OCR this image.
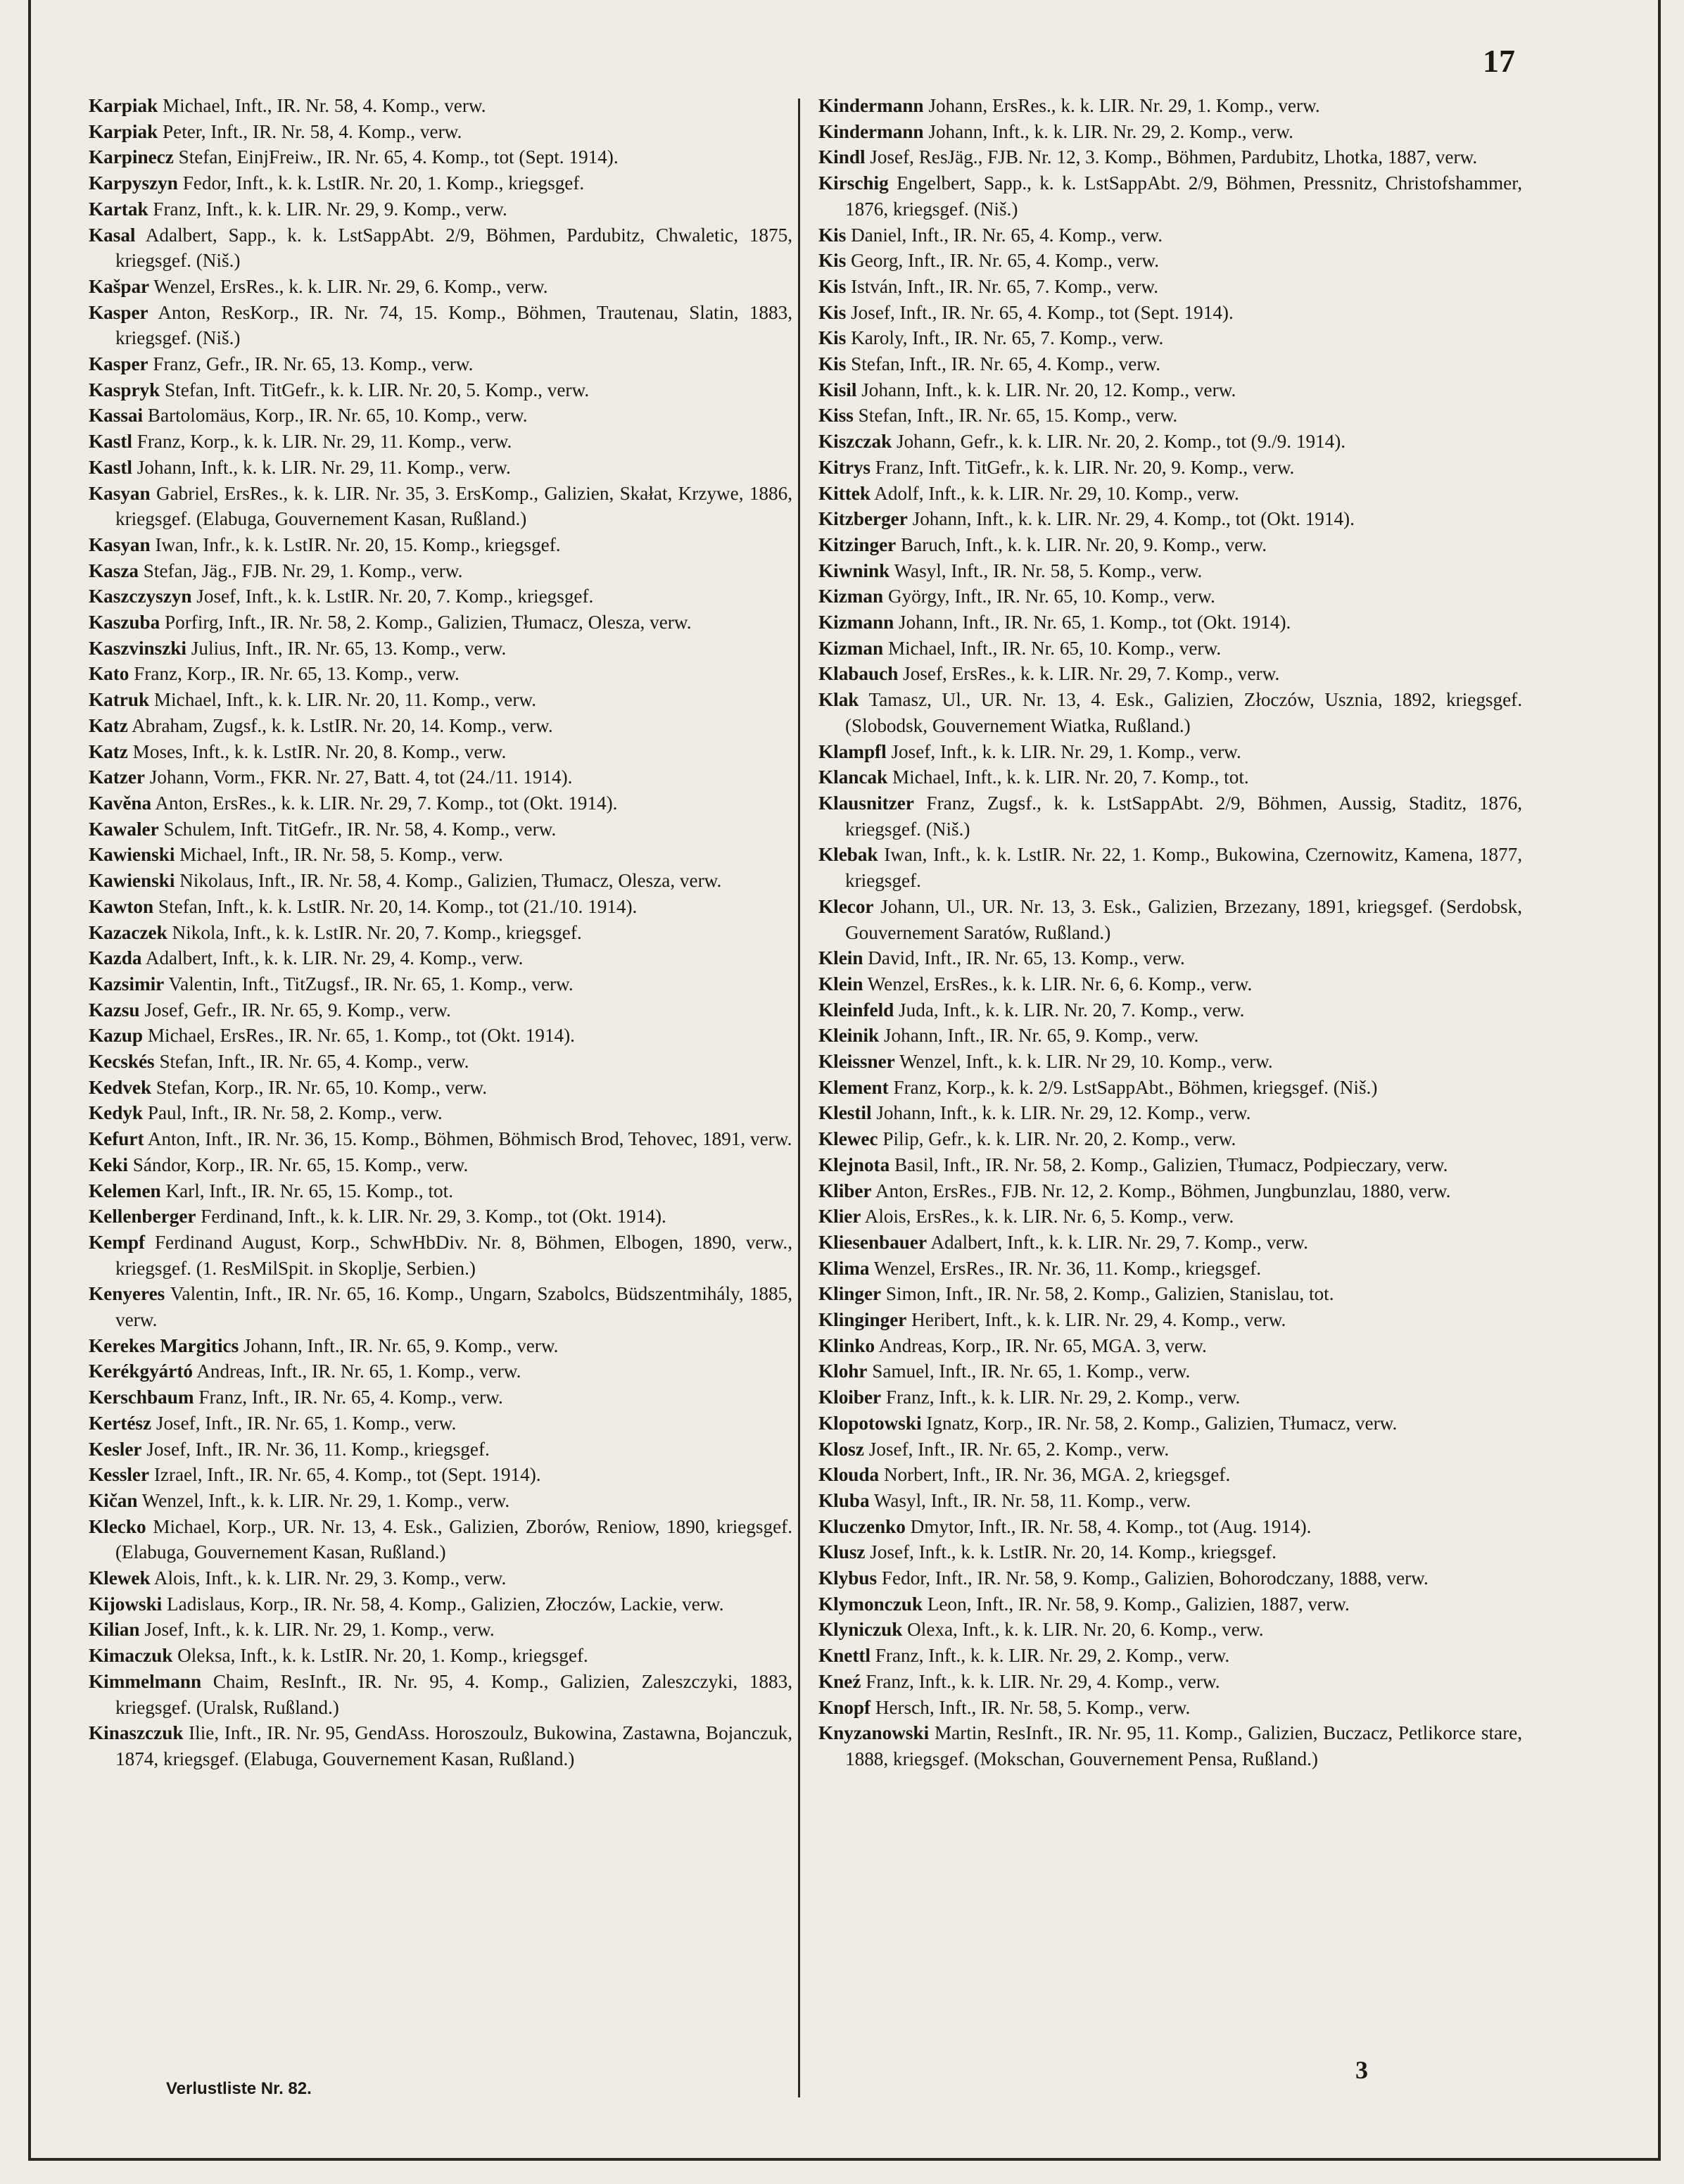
17

Karpiak Michael, Inft., IR. Nr. 58, 4. Komp., verw.

Karpiak Peter, Inft., IR. Nr. 58, 4. Komp., verw.

Karpinecz Stefan, EinjFreiw., IR. Nr. 65, 4. Komp., tot (Sept. 1914).

Karpyszyn Fedor, Inft., k. k. LstIR. Nr. 20, 1. Komp., kriegsgef.

Kartak Franz, Inft., k. k. LIR. Nr. 29, 9. Komp., verw.

Kasal Adalbert, Sapp., k. k. LstSappAbt. 2/9, Böhmen, Pardubitz, Chwaletic, 1875, kriegsgef. (Niš.)

Kašpar Wenzel, ErsRes., k. k. LIR. Nr. 29, 6. Komp., verw.

Kasper Anton, ResKorp., IR. Nr. 74, 15. Komp., Böhmen, Trautenau, Slatin, 1883, kriegsgef. (Niš.)

Kasper Franz, Gefr., IR. Nr. 65, 13. Komp., verw.

Kaspryk Stefan, Inft. TitGefr., k. k. LIR. Nr. 20, 5. Komp., verw.

Kassai Bartolomäus, Korp., IR. Nr. 65, 10. Komp., verw.

Kastl Franz, Korp., k. k. LIR. Nr. 29, 11. Komp., verw.

Kastl Johann, Inft., k. k. LIR. Nr. 29, 11. Komp., verw.

Kasyan Gabriel, ErsRes., k. k. LIR. Nr. 35, 3. ErsKomp., Galizien, Skałat, Krzywe, 1886, kriegsgef. (Elabuga, Gouvernement Kasan, Rußland.)

Kasyan Iwan, Infr., k. k. LstIR. Nr. 20, 15. Komp., kriegsgef.

Kasza Stefan, Jäg., FJB. Nr. 29, 1. Komp., verw.

Kaszczyszyn Josef, Inft., k. k. LstIR. Nr. 20, 7. Komp., kriegsgef.

Kaszuba Porfirg, Inft., IR. Nr. 58, 2. Komp., Galizien, Tłumacz, Olesza, verw.

Kaszvinszki Julius, Inft., IR. Nr. 65, 13. Komp., verw.

Kato Franz, Korp., IR. Nr. 65, 13. Komp., verw.

Katruk Michael, Inft., k. k. LIR. Nr. 20, 11. Komp., verw.

Katz Abraham, Zugsf., k. k. LstIR. Nr. 20, 14. Komp., verw.

Katz Moses, Inft., k. k. LstIR. Nr. 20, 8. Komp., verw.

Katzer Johann, Vorm., FKR. Nr. 27, Batt. 4, tot (24./11. 1914).

Kavěna Anton, ErsRes., k. k. LIR. Nr. 29, 7. Komp., tot (Okt. 1914).

Kawaler Schulem, Inft. TitGefr., IR. Nr. 58, 4. Komp., verw.

Kawienski Michael, Inft., IR. Nr. 58, 5. Komp., verw.

Kawienski Nikolaus, Inft., IR. Nr. 58, 4. Komp., Galizien, Tłumacz, Olesza, verw.

Kawton Stefan, Inft., k. k. LstIR. Nr. 20, 14. Komp., tot (21./10. 1914).

Kazaczek Nikola, Inft., k. k. LstIR. Nr. 20, 7. Komp., kriegsgef.

Kazda Adalbert, Inft., k. k. LIR. Nr. 29, 4. Komp., verw.

Kazsimir Valentin, Inft., TitZugsf., IR. Nr. 65, 1. Komp., verw.

Kazsu Josef, Gefr., IR. Nr. 65, 9. Komp., verw.

Kazup Michael, ErsRes., IR. Nr. 65, 1. Komp., tot (Okt. 1914).

Kecskés Stefan, Inft., IR. Nr. 65, 4. Komp., verw.

Kedvek Stefan, Korp., IR. Nr. 65, 10. Komp., verw.

Kedyk Paul, Inft., IR. Nr. 58, 2. Komp., verw.

Kefurt Anton, Inft., IR. Nr. 36, 15. Komp., Böhmen, Böhmisch Brod, Tehovec, 1891, verw.

Keki Sándor, Korp., IR. Nr. 65, 15. Komp., verw.

Kelemen Karl, Inft., IR. Nr. 65, 15. Komp., tot.

Kellenberger Ferdinand, Inft., k. k. LIR. Nr. 29, 3. Komp., tot (Okt. 1914).

Kempf Ferdinand August, Korp., SchwHbDiv. Nr. 8, Böhmen, Elbogen, 1890, verw., kriegsgef. (1. ResMilSpit. in Skoplje, Serbien.)

Kenyeres Valentin, Inft., IR. Nr. 65, 16. Komp., Ungarn, Szabolcs, Büdszentmihály, 1885, verw.

Kerekes Margitics Johann, Inft., IR. Nr. 65, 9. Komp., verw.

Kerékgyártó Andreas, Inft., IR. Nr. 65, 1. Komp., verw.

Kerschbaum Franz, Inft., IR. Nr. 65, 4. Komp., verw.

Kertész Josef, Inft., IR. Nr. 65, 1. Komp., verw.

Kesler Josef, Inft., IR. Nr. 36, 11. Komp., kriegsgef.

Kessler Izrael, Inft., IR. Nr. 65, 4. Komp., tot (Sept. 1914).

Kičan Wenzel, Inft., k. k. LIR. Nr. 29, 1. Komp., verw.

Klecko Michael, Korp., UR. Nr. 13, 4. Esk., Galizien, Zborów, Reniow, 1890, kriegsgef. (Elabuga, Gouvernement Kasan, Rußland.)

Klewek Alois, Inft., k. k. LIR. Nr. 29, 3. Komp., verw.

Kijowski Ladislaus, Korp., IR. Nr. 58, 4. Komp., Galizien, Złoczów, Lackie, verw.

Kilian Josef, Inft., k. k. LIR. Nr. 29, 1. Komp., verw.

Kimaczuk Oleksa, Inft., k. k. LstIR. Nr. 20, 1. Komp., kriegsgef.

Kimmelmann Chaim, ResInft., IR. Nr. 95, 4. Komp., Galizien, Zaleszczyki, 1883, kriegsgef. (Uralsk, Rußland.)

Kinaszczuk Ilie, Inft., IR. Nr. 95, GendAss. Horoszoulz, Bukowina, Zastawna, Bojanczuk, 1874, kriegsgef. (Elabuga, Gouvernement Kasan, Rußland.)

Kindermann Johann, ErsRes., k. k. LIR. Nr. 29, 1. Komp., verw.

Kindermann Johann, Inft., k. k. LIR. Nr. 29, 2. Komp., verw.

Kindl Josef, ResJäg., FJB. Nr. 12, 3. Komp., Böhmen, Pardubitz, Lhotka, 1887, verw.

Kirschig Engelbert, Sapp., k. k. LstSappAbt. 2/9, Böhmen, Pressnitz, Christofshammer, 1876, kriegsgef. (Niš.)

Kis Daniel, Inft., IR. Nr. 65, 4. Komp., verw.

Kis Georg, Inft., IR. Nr. 65, 4. Komp., verw.

Kis István, Inft., IR. Nr. 65, 7. Komp., verw.

Kis Josef, Inft., IR. Nr. 65, 4. Komp., tot (Sept. 1914).

Kis Karoly, Inft., IR. Nr. 65, 7. Komp., verw.

Kis Stefan, Inft., IR. Nr. 65, 4. Komp., verw.

Kisil Johann, Inft., k. k. LIR. Nr. 20, 12. Komp., verw.

Kiss Stefan, Inft., IR. Nr. 65, 15. Komp., verw.

Kiszczak Johann, Gefr., k. k. LIR. Nr. 20, 2. Komp., tot (9./9. 1914).

Kitrys Franz, Inft. TitGefr., k. k. LIR. Nr. 20, 9. Komp., verw.

Kittek Adolf, Inft., k. k. LIR. Nr. 29, 10. Komp., verw.

Kitzberger Johann, Inft., k. k. LIR. Nr. 29, 4. Komp., tot (Okt. 1914).

Kitzinger Baruch, Inft., k. k. LIR. Nr. 20, 9. Komp., verw.

Kiwnink Wasyl, Inft., IR. Nr. 58, 5. Komp., verw.

Kizman György, Inft., IR. Nr. 65, 10. Komp., verw.

Kizmann Johann, Inft., IR. Nr. 65, 1. Komp., tot (Okt. 1914).

Kizman Michael, Inft., IR. Nr. 65, 10. Komp., verw.

Klabauch Josef, ErsRes., k. k. LIR. Nr. 29, 7. Komp., verw.

Klak Tamasz, Ul., UR. Nr. 13, 4. Esk., Galizien, Złoczów, Usznia, 1892, kriegsgef. (Slobodsk, Gouvernement Wiatka, Rußland.)

Klampfl Josef, Inft., k. k. LIR. Nr. 29, 1. Komp., verw.

Klancak Michael, Inft., k. k. LIR. Nr. 20, 7. Komp., tot.

Klausnitzer Franz, Zugsf., k. k. LstSappAbt. 2/9, Böhmen, Aussig, Staditz, 1876, kriegsgef. (Niš.)

Klebak Iwan, Inft., k. k. LstIR. Nr. 22, 1. Komp., Bukowina, Czernowitz, Kamena, 1877, kriegsgef.

Klecor Johann, Ul., UR. Nr. 13, 3. Esk., Galizien, Brzezany, 1891, kriegsgef. (Serdobsk, Gouvernement Saratów, Rußland.)

Klein David, Inft., IR. Nr. 65, 13. Komp., verw.

Klein Wenzel, ErsRes., k. k. LIR. Nr. 6, 6. Komp., verw.

Kleinfeld Juda, Inft., k. k. LIR. Nr. 20, 7. Komp., verw.

Kleinik Johann, Inft., IR. Nr. 65, 9. Komp., verw.

Kleissner Wenzel, Inft., k. k. LIR. Nr 29, 10. Komp., verw.

Klement Franz, Korp., k. k. 2/9. LstSappAbt., Böhmen, kriegsgef. (Niš.)

Klestil Johann, Inft., k. k. LIR. Nr. 29, 12. Komp., verw.

Klewec Pilip, Gefr., k. k. LIR. Nr. 20, 2. Komp., verw.

Klejnota Basil, Inft., IR. Nr. 58, 2. Komp., Galizien, Tłumacz, Podpieczary, verw.

Kliber Anton, ErsRes., FJB. Nr. 12, 2. Komp., Böhmen, Jungbunzlau, 1880, verw.

Klier Alois, ErsRes., k. k. LIR. Nr. 6, 5. Komp., verw.

Kliesenbauer Adalbert, Inft., k. k. LIR. Nr. 29, 7. Komp., verw.

Klima Wenzel, ErsRes., IR. Nr. 36, 11. Komp., kriegsgef.

Klinger Simon, Inft., IR. Nr. 58, 2. Komp., Galizien, Stanislau, tot.

Klinginger Heribert, Inft., k. k. LIR. Nr. 29, 4. Komp., verw.

Klinko Andreas, Korp., IR. Nr. 65, MGA. 3, verw.

Klohr Samuel, Inft., IR. Nr. 65, 1. Komp., verw.

Kloiber Franz, Inft., k. k. LIR. Nr. 29, 2. Komp., verw.

Klopotowski Ignatz, Korp., IR. Nr. 58, 2. Komp., Galizien, Tłumacz, verw.

Klosz Josef, Inft., IR. Nr. 65, 2. Komp., verw.

Klouda Norbert, Inft., IR. Nr. 36, MGA. 2, kriegsgef.

Kluba Wasyl, Inft., IR. Nr. 58, 11. Komp., verw.

Kluczenko Dmytor, Inft., IR. Nr. 58, 4. Komp., tot (Aug. 1914).

Klusz Josef, Inft., k. k. LstIR. Nr. 20, 14. Komp., kriegsgef.

Klybus Fedor, Inft., IR. Nr. 58, 9. Komp., Galizien, Bohorodczany, 1888, verw.

Klymonczuk Leon, Inft., IR. Nr. 58, 9. Komp., Galizien, 1887, verw.

Klyniczuk Olexa, Inft., k. k. LIR. Nr. 20, 6. Komp., verw.

Knettl Franz, Inft., k. k. LIR. Nr. 29, 2. Komp., verw.

Kneź Franz, Inft., k. k. LIR. Nr. 29, 4. Komp., verw.

Knopf Hersch, Inft., IR. Nr. 58, 5. Komp., verw.

Knyzanowski Martin, ResInft., IR. Nr. 95, 11. Komp., Galizien, Buczacz, Petlikorce stare, 1888, kriegsgef. (Mokschan, Gouvernement Pensa, Rußland.)

Verlustliste Nr. 82.
3
